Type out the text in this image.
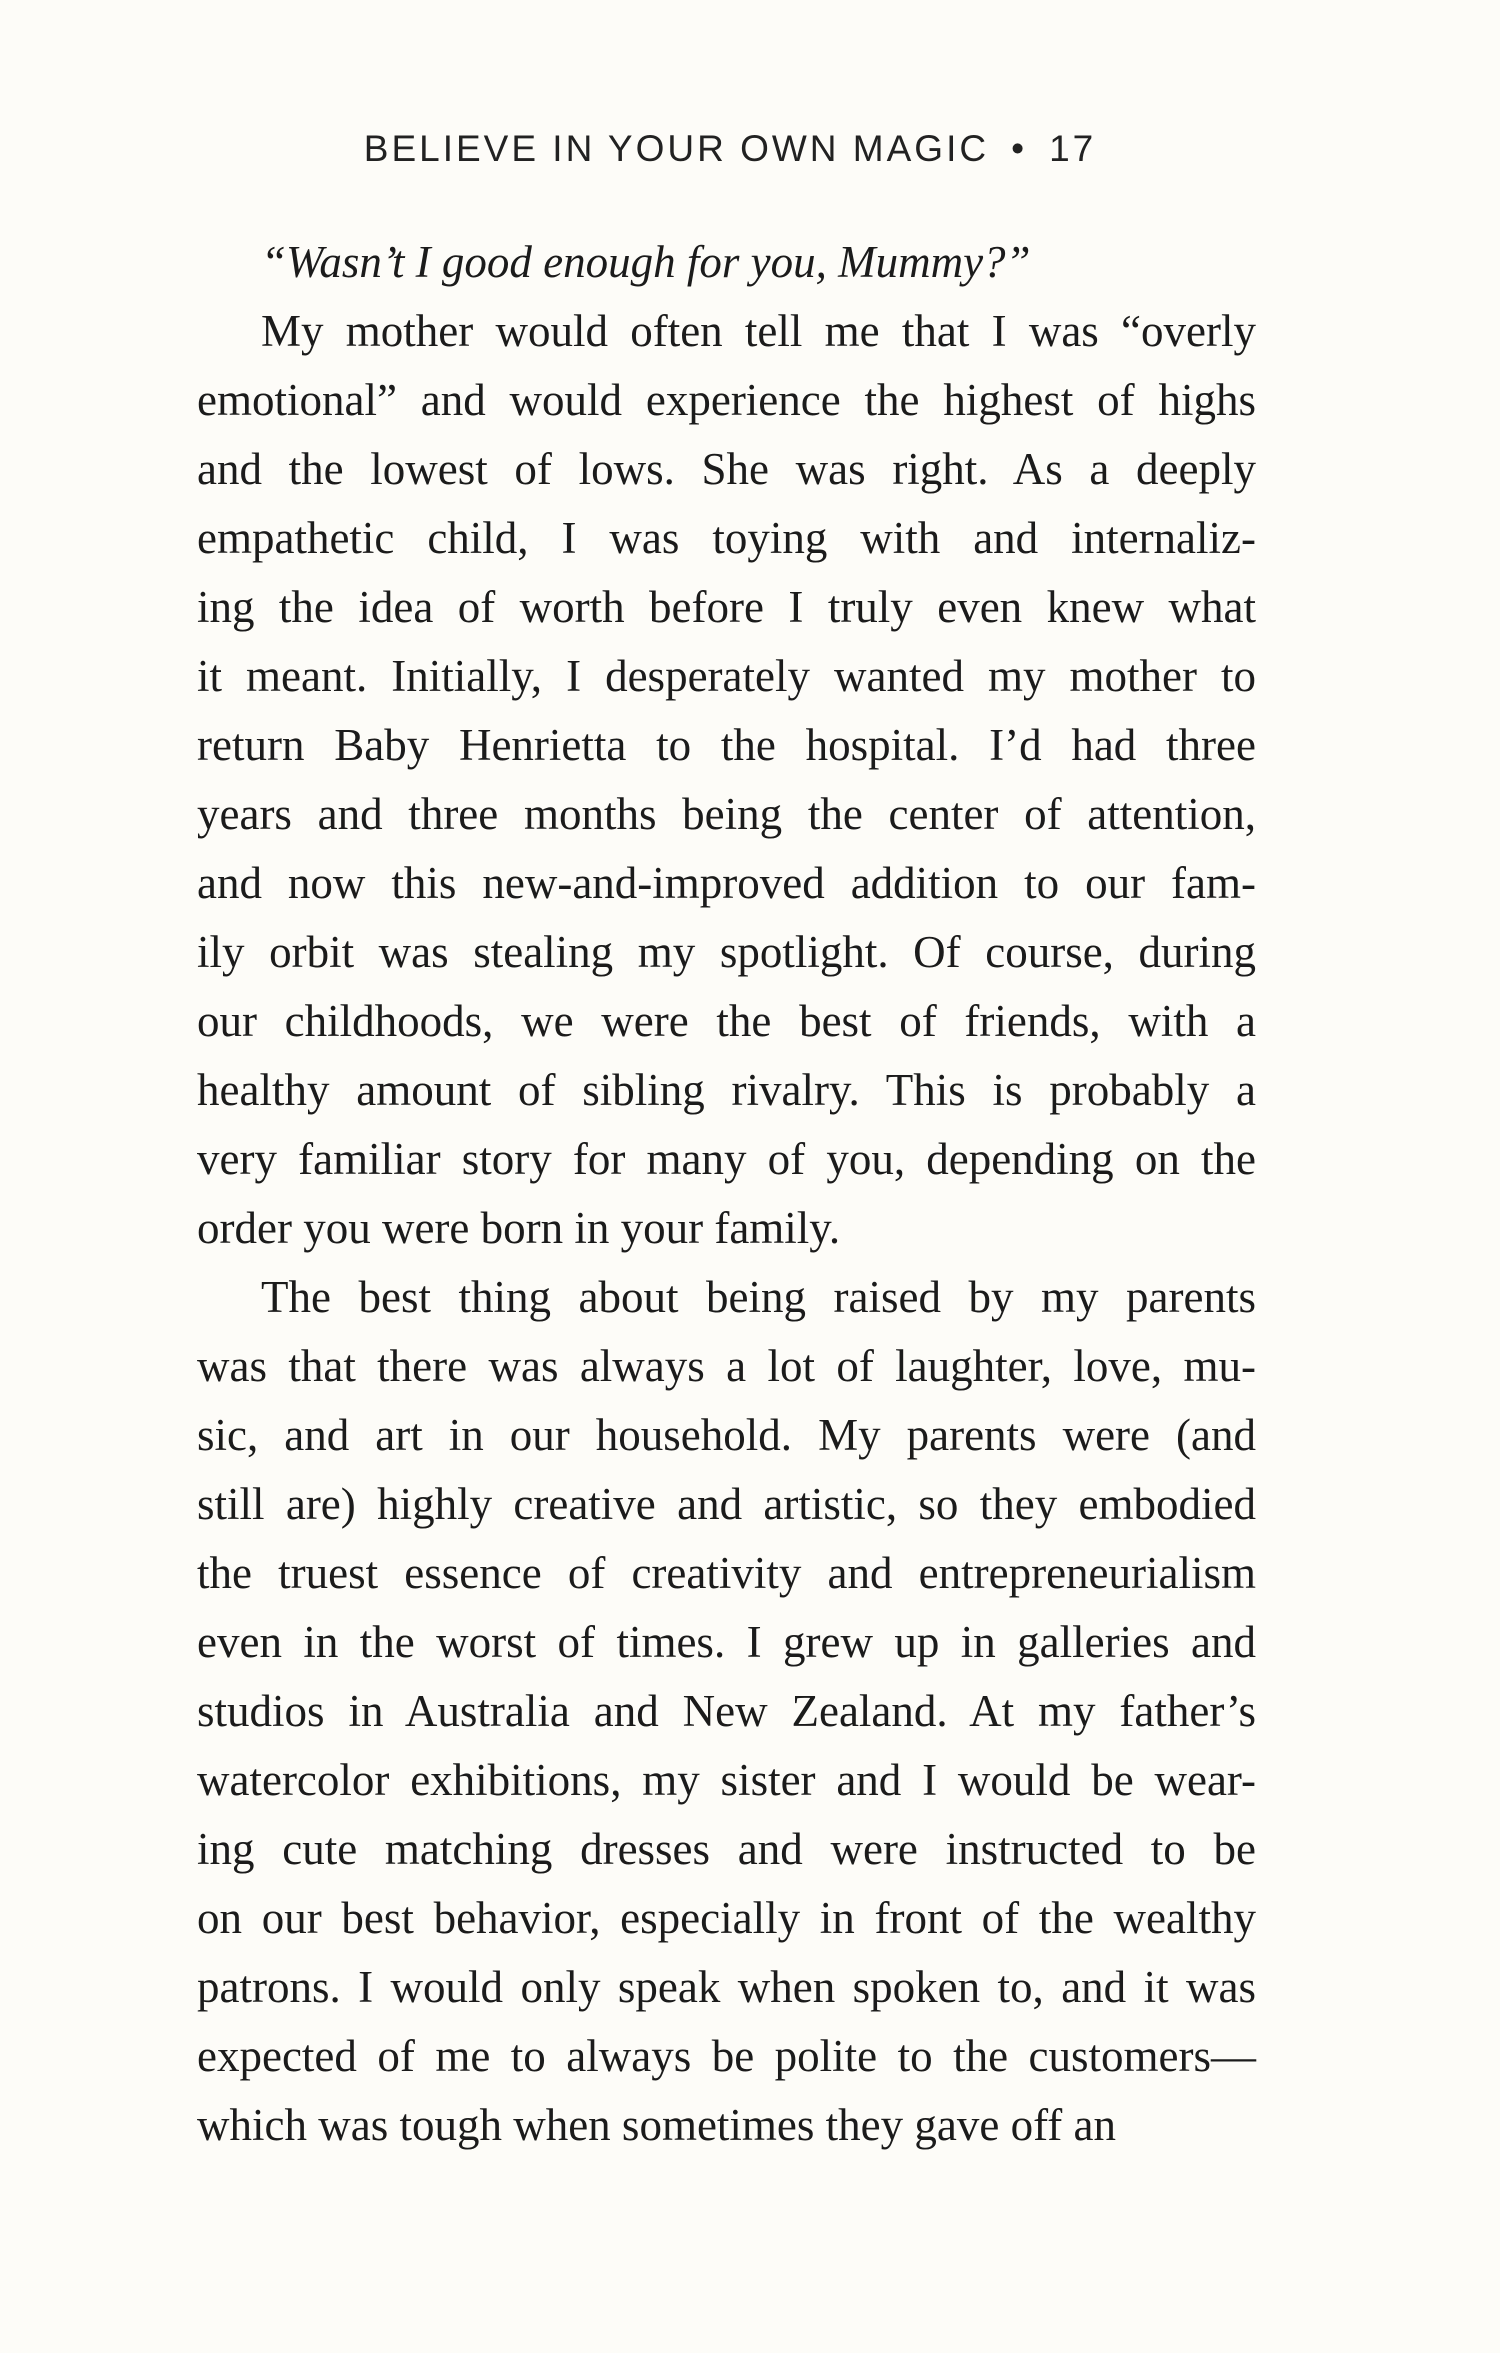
BELIEVE IN YOUR OWN MAGIC • 17
“Wasn’t I good enough for you, Mummy?”
My mother would often tell me that I was “overly
emotional” and would experience the highest of highs
and the lowest of lows. She was right. As a deeply
empathetic child, I was toying with and internaliz-
ing the idea of worth before I truly even knew what
it meant. Initially, I desperately wanted my mother to
return Baby Henrietta to the hospital. I’d had three
years and three months being the center of attention,
and now this new-and-improved addition to our fam-
ily orbit was stealing my spotlight. Of course, during
our childhoods, we were the best of friends, with a
healthy amount of sibling rivalry. This is probably a
very familiar story for many of you, depending on the
order you were born in your family.
The best thing about being raised by my parents
was that there was always a lot of laughter, love, mu-
sic, and art in our household. My parents were (and
still are) highly creative and artistic, so they embodied
the truest essence of creativity and entrepreneurialism
even in the worst of times. I grew up in galleries and
studios in Australia and New Zealand. At my father’s
watercolor exhibitions, my sister and I would be wear-
ing cute matching dresses and were instructed to be
on our best behavior, especially in front of the wealthy
patrons. I would only speak when spoken to, and it was
expected of me to always be polite to the customers—
which was tough when sometimes they gave off an
